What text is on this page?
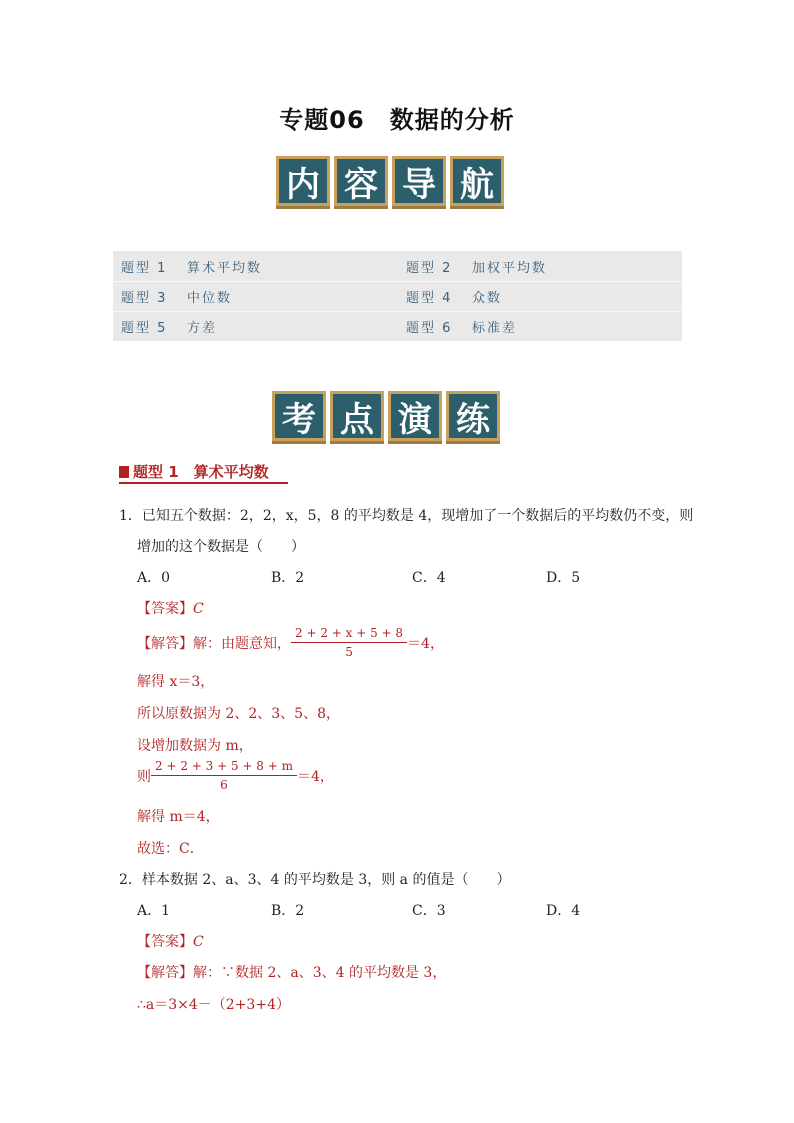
专题06　数据的分析
内 容 导 航
题型 1	算术平均数	题型 2	加权平均数
题型 3	中位数	题型 4	众数
题型 5	方差	题型 6	标准差
考 点 演 练
题型 1　算术平均数
1．已知五个数据：2，2，x，5，8 的平均数是 4，现增加了一个数据后的平均数仍不变，则
增加的这个数据是（　　）
A．0	B．2	C．4	D．5
【答案】C
【解答】 解：由题意知， $\frac{2 + 2 + x + 5 + 8}{5} =4$，
解得 x＝3，
所以原数据为 2、2、3、5、8，
设增加数据为 m，
则 $\frac{2 + 2 + 3 + 5 + 8 + m}{6} =4$，
解得 m＝4，
故选：C．
2．样本数据 2、a、3、4 的平均数是 3，则 a 的值是（　　）
A．1	B．2	C．3	D．4
【答案】C
【解答】解：∵数据 2、a、3、4 的平均数是 3，
∴a＝3×4－（2+3+4）
